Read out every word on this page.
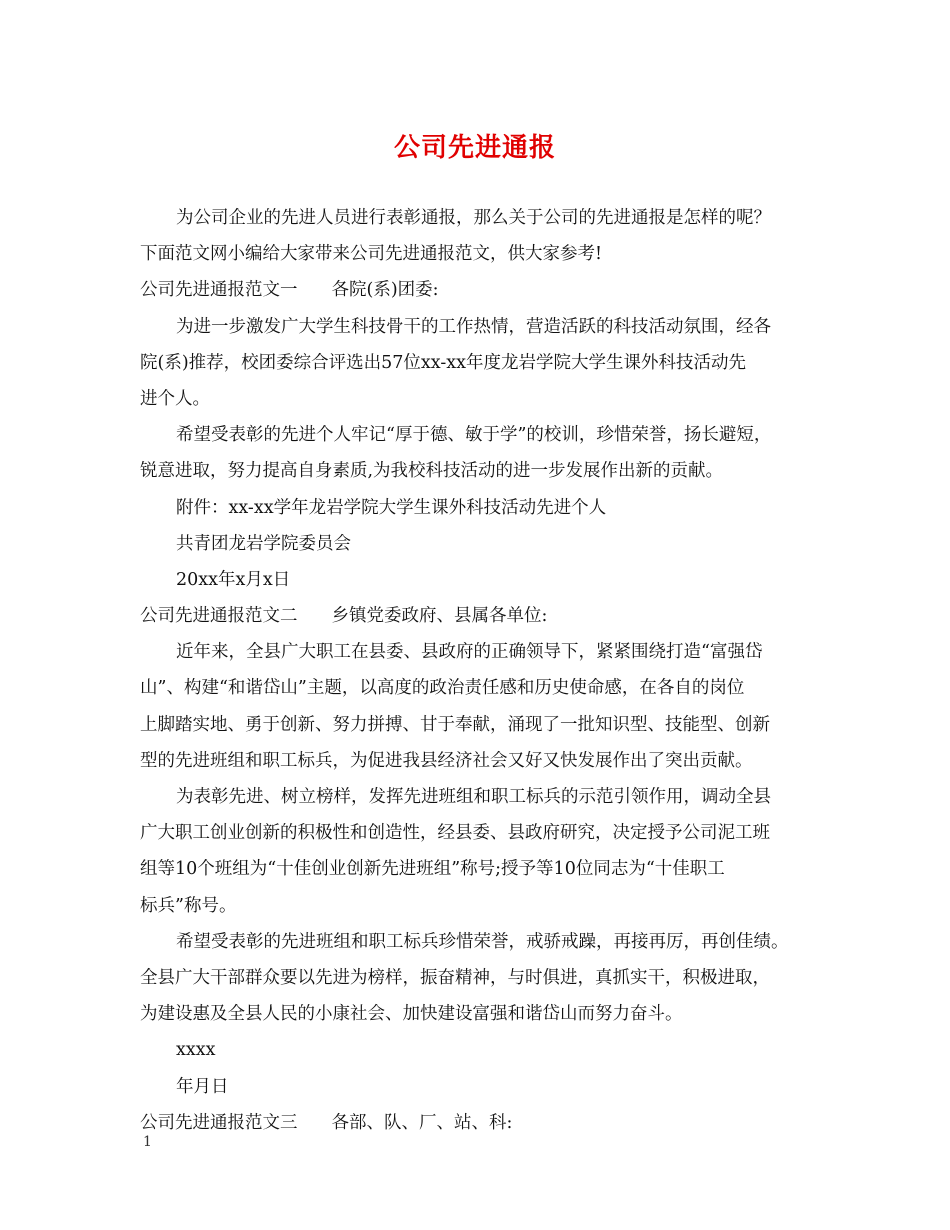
公司先进通报
为公司企业的先进人员进行表彰通报，那么关于公司的先进通报是怎样的呢？
下面范文网小编给大家带来公司先进通报范文，供大家参考!
公司先进通报范文一 各院(系)团委:
为进一步激发广大学生科技骨干的工作热情，营造活跃的科技活动氛围，经各
院(系)推荐，校团委综合评选出57位xx-xx年度龙岩学院大学生课外科技活动先
进个人。
希望受表彰的先进个人牢记“厚于德、敏于学”的校训，珍惜荣誉，扬长避短，
锐意进取，努力提高自身素质,为我校科技活动的进一步发展作出新的贡献。
附件：xx-xx学年龙岩学院大学生课外科技活动先进个人
共青团龙岩学院委员会
20xx年x月x日
公司先进通报范文二 乡镇党委政府、县属各单位:
近年来，全县广大职工在县委、县政府的正确领导下，紧紧围绕打造“富强岱
山”、构建“和谐岱山”主题，以高度的政治责任感和历史使命感，在各自的岗位
上脚踏实地、勇于创新、努力拼搏、甘于奉献，涌现了一批知识型、技能型、创新
型的先进班组和职工标兵，为促进我县经济社会又好又快发展作出了突出贡献。
为表彰先进、树立榜样，发挥先进班组和职工标兵的示范引领作用，调动全县
广大职工创业创新的积极性和创造性，经县委、县政府研究，决定授予公司泥工班
组等10个班组为“十佳创业创新先进班组”称号;授予等10位同志为“十佳职工
标兵”称号。
希望受表彰的先进班组和职工标兵珍惜荣誉，戒骄戒躁，再接再厉，再创佳绩。
全县广大干部群众要以先进为榜样，振奋精神，与时俱进，真抓实干，积极进取，
为建设惠及全县人民的小康社会、加快建设富强和谐岱山而努力奋斗。
xxxx
年月日
公司先进通报范文三 各部、队、厂、站、科:
1
